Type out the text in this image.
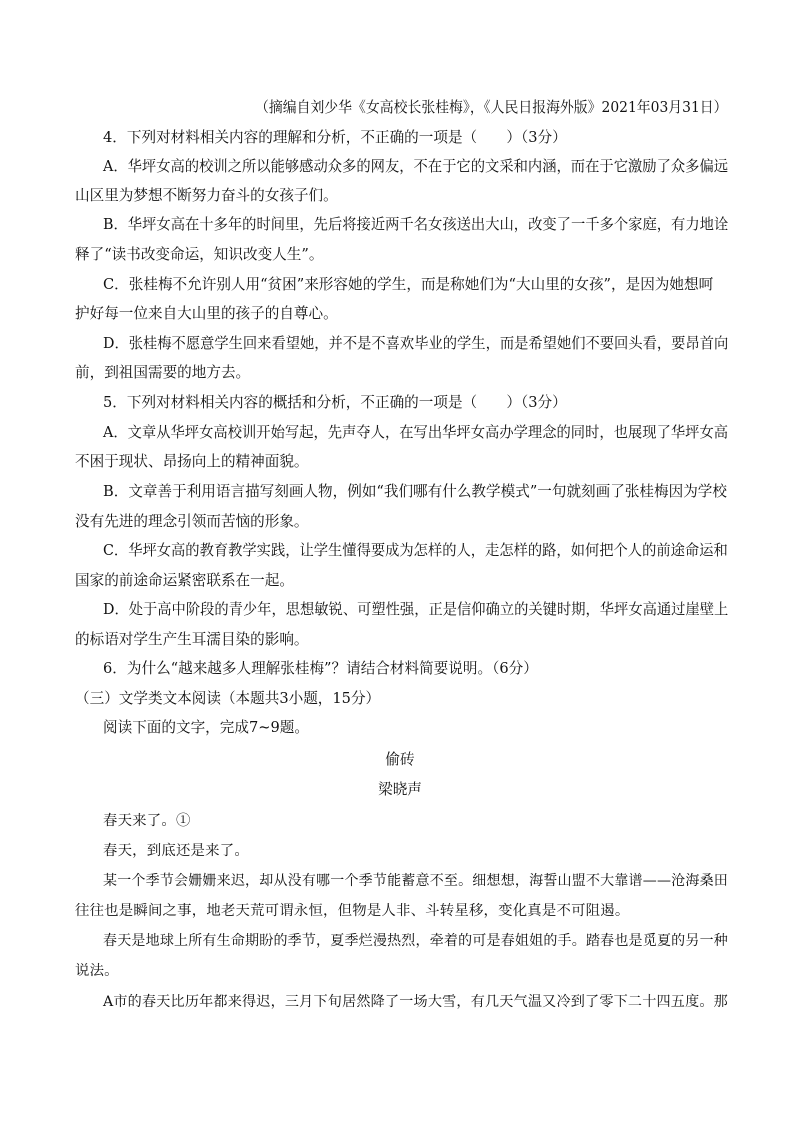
（摘编自刘少华《女高校长张桂梅》，《人民日报海外版》2021年03月31日）
4．下列对材料相关内容的理解和分析，不正确的一项是（　　）（3分）
A．华坪女高的校训之所以能够感动众多的网友，不在于它的文采和内涵，而在于它激励了众多偏远
山区里为梦想不断努力奋斗的女孩子们。
B．华坪女高在十多年的时间里，先后将接近两千名女孩送出大山，改变了一千多个家庭，有力地诠
释了“读书改变命运，知识改变人生”。
C．张桂梅不允许别人用“贫困”来形容她的学生，而是称她们为“大山里的女孩”，是因为她想呵
护好每一位来自大山里的孩子的自尊心。
D．张桂梅不愿意学生回来看望她，并不是不喜欢毕业的学生，而是希望她们不要回头看，要昂首向
前，到祖国需要的地方去。
5．下列对材料相关内容的概括和分析，不正确的一项是（　　）（3分）
A．文章从华坪女高校训开始写起，先声夺人，在写出华坪女高办学理念的同时，也展现了华坪女高
不困于现状、昂扬向上的精神面貌。
B．文章善于利用语言描写刻画人物，例如“我们哪有什么教学模式”一句就刻画了张桂梅因为学校
没有先进的理念引领而苦恼的形象。
C．华坪女高的教育教学实践，让学生懂得要成为怎样的人，走怎样的路，如何把个人的前途命运和
国家的前途命运紧密联系在一起。
D．处于高中阶段的青少年，思想敏锐、可塑性强，正是信仰确立的关键时期，华坪女高通过崖壁上
的标语对学生产生耳濡目染的影响。
6．为什么“越来越多人理解张桂梅”？请结合材料简要说明。（6分）
（三）文学类文本阅读（本题共3小题，15分）
阅读下面的文字，完成7~9题。
偷砖
梁晓声
春天来了。①
春天，到底还是来了。
某一个季节会姗姗来迟，却从没有哪一个季节能蓄意不至。细想想，海誓山盟不大靠谱——沧海桑田
往往也是瞬间之事，地老天荒可谓永恒，但物是人非、斗转星移，变化真是不可阻遏。
春天是地球上所有生命期盼的季节，夏季烂漫热烈，牵着的可是春姐姐的手。踏春也是觅夏的另一种
说法。
A市的春天比历年都来得迟，三月下旬居然降了一场大雪，有几天气温又冷到了零下二十四五度。那
